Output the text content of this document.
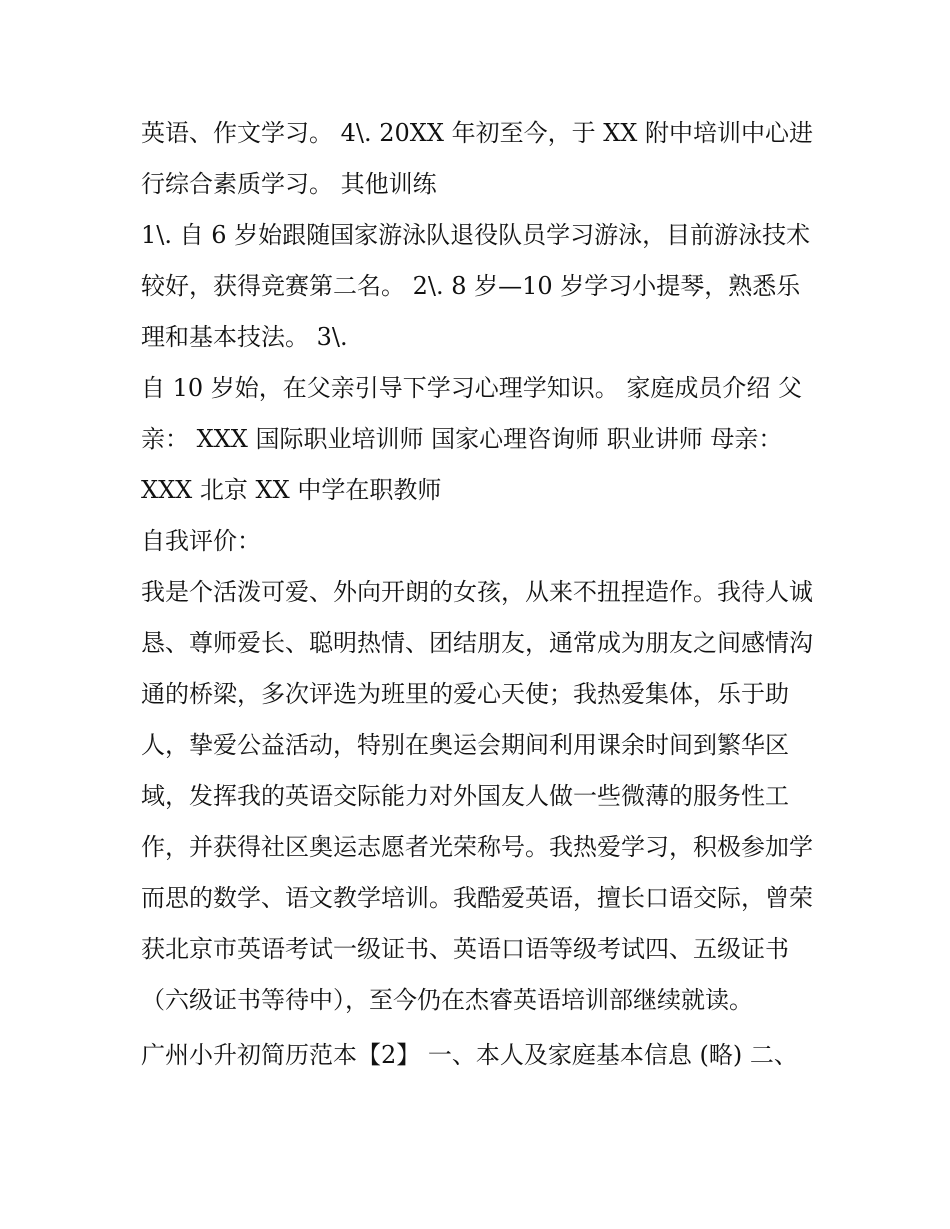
英语、作文学习。 4\. 20XX 年初至今，于 XX 附中培训中心进行综合素质学习。 其他训练

1\. 自 6 岁始跟随国家游泳队退役队员学习游泳，目前游泳技术较好，获得竞赛第二名。 2\. 8 岁—10 岁学习小提琴，熟悉乐理和基本技法。 3\.

自 10 岁始，在父亲引导下学习心理学知识。 家庭成员介绍 父亲： XXX 国际职业培训师 国家心理咨询师 职业讲师 母亲：XXX 北京 XX 中学在职教师

自我评价：

我是个活泼可爱、外向开朗的女孩，从来不扭捏造作。我待人诚恳、尊师爱长、聪明热情、团结朋友，通常成为朋友之间感情沟通的桥梁，多次评选为班里的爱心天使；我热爱集体，乐于助人，挚爱公益活动，特别在奥运会期间利用课余时间到繁华区域，发挥我的英语交际能力对外国友人做一些微薄的服务性工作，并获得社区奥运志愿者光荣称号。我热爱学习，积极参加学而思的数学、语文教学培训。我酷爱英语，擅长口语交际，曾荣获北京市英语考试一级证书、英语口语等级考试四、五级证书（六级证书等待中），至今仍在杰睿英语培训部继续就读。

广州小升初简历范本【2】 一、本人及家庭基本信息 (略) 二、
